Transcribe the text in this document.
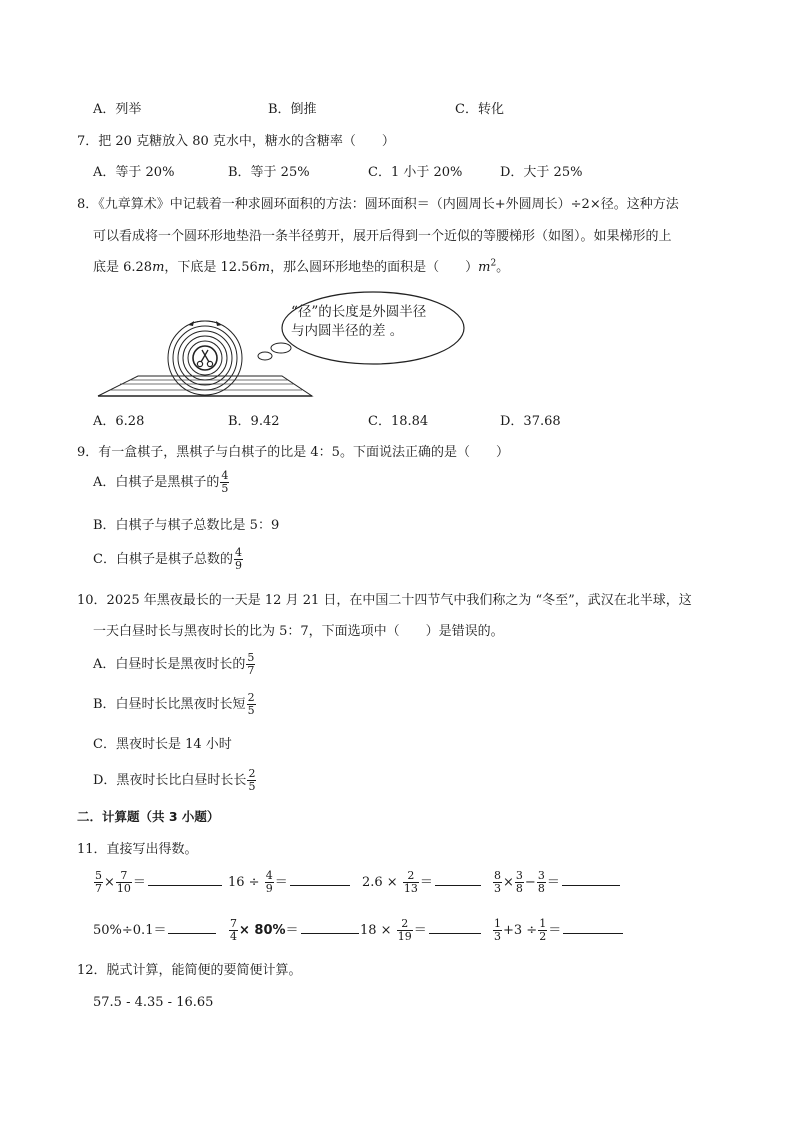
A．列举	B．倒推	C．转化
7．把 20 克糖放入 80 克水中，糖水的含糖率（　　）
A．等于 20%	B．等于 25%	C．1 小于 20%	D．大于 25%
8．《九章算术》中记载着一种求圆环面积的方法：圆环面积＝（内圆周长+外圆周长）÷2×径。这种方法
可以看成将一个圆环形地垫沿一条半径剪开，展开后得到一个近似的等腰梯形（如图）。如果梯形的上
底是 6.28m，下底是 12.56m，那么圆环形地垫的面积是（　　）$m^2$。
“径”的长度是外圆半径
与内圆半径的差 。
A．6.28	B．9.42	C．18.84	D．37.68
9．有一盒棋子，黑棋子与白棋子的比是 4：5。下面说法正确的是（　　）
A．白棋子是黑棋子的 $\frac{4}{5}$
B．白棋子与棋子总数比是 5：9
C．白棋子是棋子总数的 $\frac{4}{9}$
10．2025 年黑夜最长的一天是 12 月 21 日，在中国二十四节气中我们称之为 “冬至”，武汉在北半球，这
一天白昼时长与黑夜时长的比为 5：7，下面选项中（　　）是错误的。
A．白昼时长是黑夜时长的 $\frac{5}{7}$
B．白昼时长比黑夜时长短 $\frac{2}{5}$
C．黑夜时长是 14 小时
D．黑夜时长比白昼时长长 $\frac{2}{5}$
二．计算题（共 3 小题）
11．直接写出得数。
$\frac{5}{7} \times \frac{7}{10}$ ＝	$16 \div \frac{4}{9}$ ＝	$2.6 \times \frac{2}{13}$ ＝	$\frac{8}{3} \times \frac{3}{8} - \frac{3}{8}$ ＝
50%÷0.1＝	$\frac{7}{4} \times 80\%=$	$18 \times \frac{2}{19}$ ＝	$\frac{1}{3} +3 \div \frac{1}{2}$ ＝
12．脱式计算，能简便的要简便计算。
57.5 - 4.35 - 16.65
